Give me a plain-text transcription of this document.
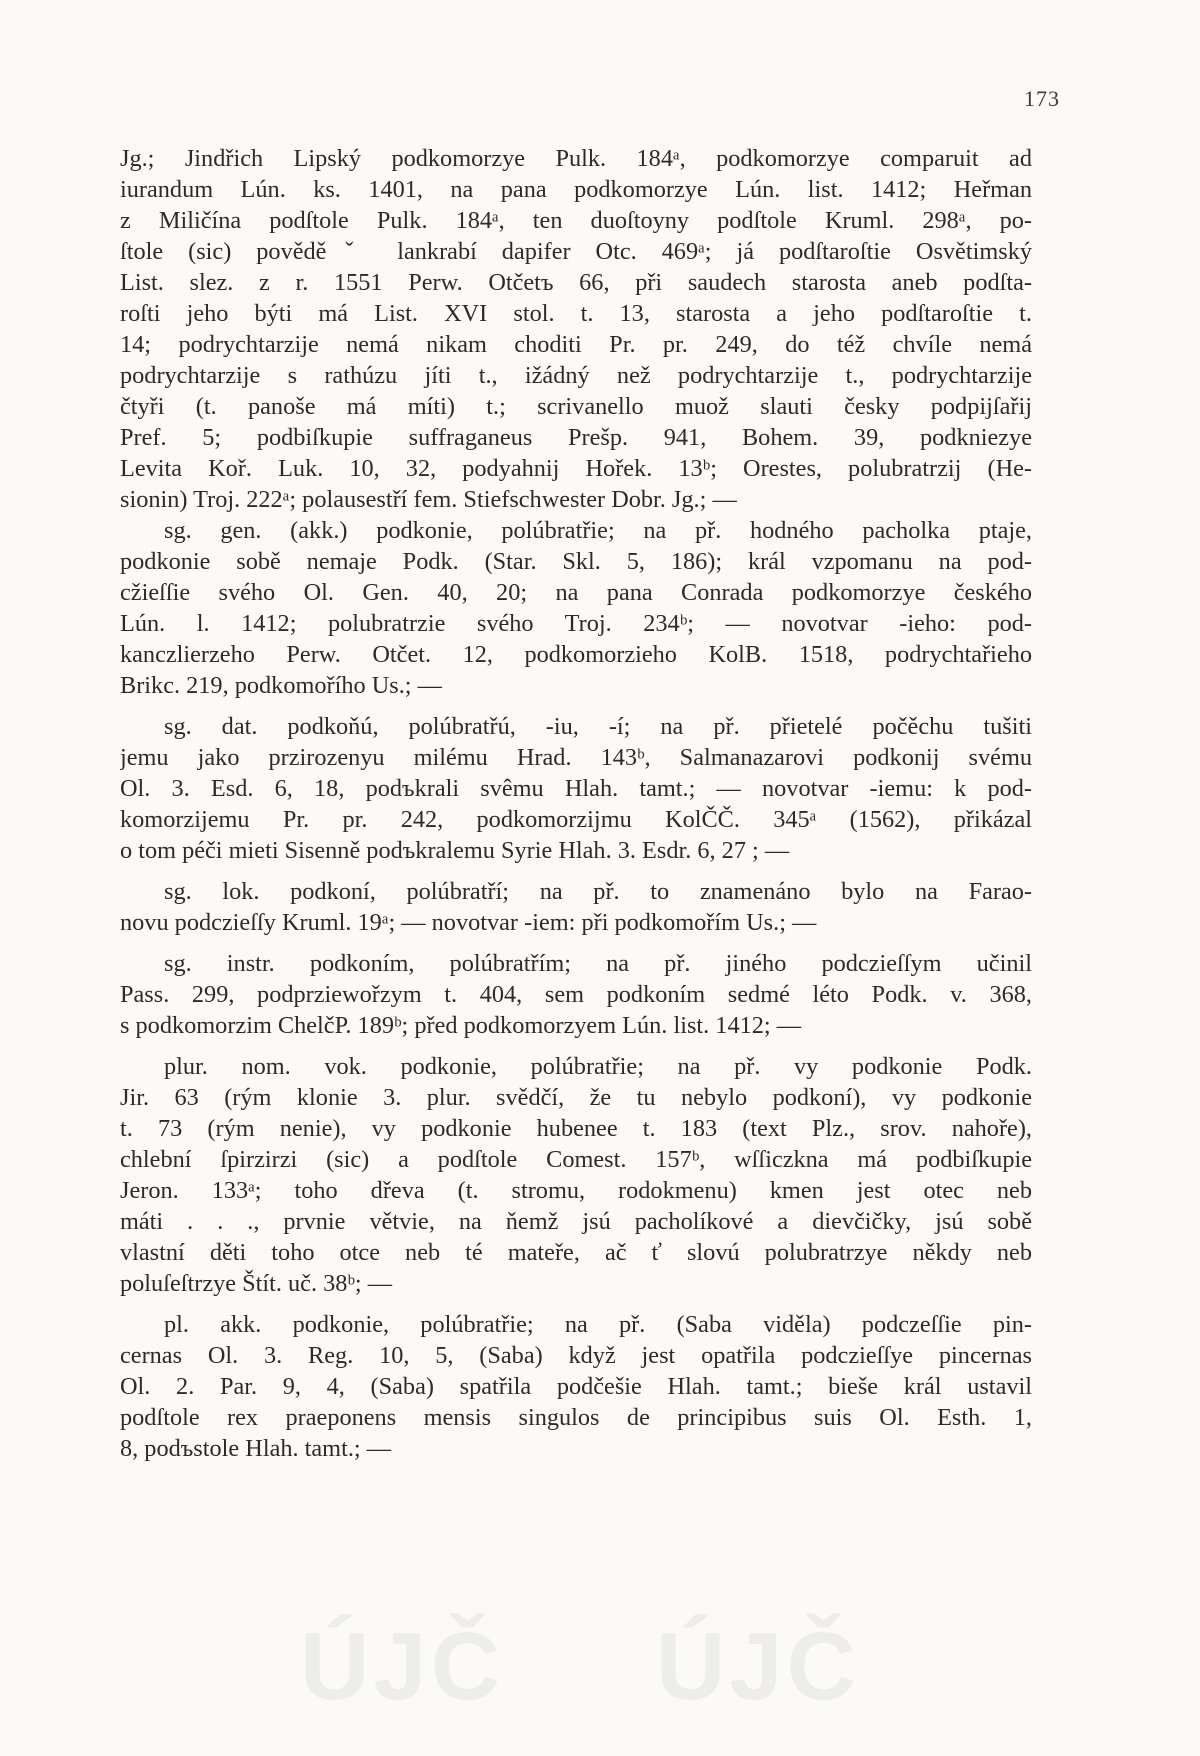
173
Jg.; Jindřich Lipský podkomorzye Pulk. 184ᵃ, podkomorzye comparuit ad
iurandum Lún. ks. 1401, na pana podkomorzye Lún. list. 1412; Heřman
z Miličína podſtole Pulk. 184ᵃ, ten duoſtoyny podſtole Kruml. 298ᵃ, po-
ſtole (sic) pověděˇ lankrabí dapifer Otc. 469ᵃ; já podſtaroſtie Osvětimský
List. slez. z r. 1551 Perw. Otčetъ 66, při saudech starosta aneb podſta-
roſti jeho býti má List. XVI stol. t. 13, starosta a jeho podſtaroſtie t.
14; podrychtarzije nemá nikam choditi Pr. pr. 249, do též chvíle nemá
podrychtarzije s rathúzu jíti t., ižádný než podrychtarzije t., podrychtarzije
čtyři (t. panoše má míti) t.; scrivanello muož slauti česky podpijſařij
Pref. 5; podbiſkupie suffraganeus Prešp. 941, Bohem. 39, podkniezye
Levita Koř. Luk. 10, 32, podyahnij Hořek. 13ᵇ; Orestes, polubratrzij (He-
sionin) Troj. 222ᵃ; polausestří fem. Stiefschwester Dobr. Jg.; —
sg. gen. (akk.) podkonie, polúbratřie; na př. hodného pacholka ptaje,
podkonie sobě nemaje Podk. (Star. Skl. 5, 186); král vzpomanu na pod-
cžieſſie svého Ol. Gen. 40, 20; na pana Conrada podkomorzye českého
Lún. l. 1412; polubratrzie svého Troj. 234ᵇ; — novotvar -ieho: pod-
kanczlierzeho Perw. Otčet. 12, podkomorzieho KolB. 1518, podrychtařieho
Brikc. 219, podkomořího Us.; —
sg. dat. podkoňú, polúbratřú, -iu, -í; na př. přietelé počěchu tušiti
jemu jako przirozenyu milému Hrad. 143ᵇ, Salmanazarovi podkonij svému
Ol. 3. Esd. 6, 18, podъkrali svêmu Hlah. tamt.; — novotvar -iemu: k pod-
komorzijemu Pr. pr. 242, podkomorzijmu KolČČ. 345ᵃ (1562), přikázal
o tom péči mieti Sisenně podъkralemu Syrie Hlah. 3. Esdr. 6, 27 ; —
sg. lok. podkoní, polúbratří; na př. to znamenáno bylo na Farao-
novu podczieſſy Kruml. 19ᵃ; — novotvar -iem: při podkomořím Us.; —
sg. instr. podkoním, polúbratřím; na př. jiného podczieſſym učinil
Pass. 299, podprziewořzym t. 404, sem podkoním sedmé léto Podk. v. 368,
s podkomorzim ChelčP. 189ᵇ; před podkomorzyem Lún. list. 1412; —
plur. nom. vok. podkonie, polúbratřie; na př. vy podkonie Podk.
Jir. 63 (rým klonie 3. plur. svědčí, že tu nebylo podkoní), vy podkonie
t. 73 (rým nenie), vy podkonie hubenee t. 183 (text Plz., srov. nahoře),
chlební ſpirzirzi (sic) a podſtole Comest. 157ᵇ, wſſiczkna má podbiſkupie
Jeron. 133ᵃ; toho dřeva (t. stromu, rodokmenu) kmen jest otec neb
máti . . ., prvnie větvie, na ňemž jsú pacholíkové a dievčičky, jsú sobě
vlastní děti toho otce neb té mateře, ač ť slovú polubratrzye někdy neb
poluſeſtrzye Štít. uč. 38ᵇ; —
pl. akk. podkonie, polúbratřie; na př. (Saba viděla) podczeſſie pin-
cernas Ol. 3. Reg. 10, 5, (Saba) když jest opatřila podczieſſye pincernas
Ol. 2. Par. 9, 4, (Saba) spatřila podčešie Hlah. tamt.; bieše král ustavil
podſtole rex praeponens mensis singulos de principibus suis Ol. Esth. 1,
8, podъstole Hlah. tamt.; —
ÚJČ ÚJČ
